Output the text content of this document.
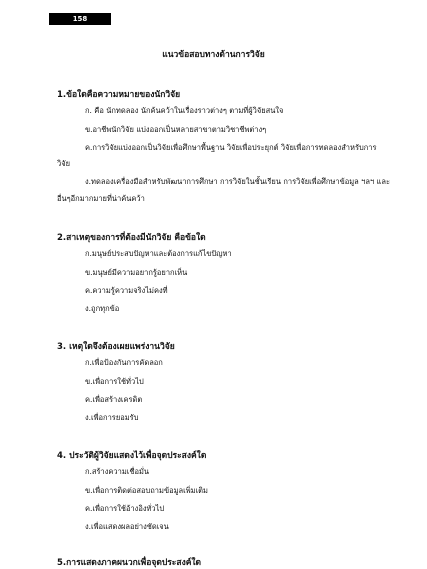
158
แนวข้อสอบทางด้านการวิจัย
1.ข้อใดคือความหมายของนักวิจัย
ก. คือ นักทดลอง นักค้นคว้าในเรื่องราวต่างๆ ตามที่ผู้วิจัยสนใจ
ข.อาชีพนักวิจัย แบ่งออกเป็นหลายสาขาตามวิชาชีพต่างๆ
ค.การวิจัยแบ่งออกเป็นวิจัยเพื่อศึกษาพื้นฐาน วิจัยเพื่อประยุกต์ วิจัยเพื่อการทดลองสำหรับการ
วิจัย
ง.ทดลองเครื่องมือสำหรับพัฒนาการศึกษา การวิจัยในชั้นเรียน การวิจัยเพื่อศึกษาข้อมูล ฯลฯ และ
อื่นๆอีกมากมายที่น่าค้นคว้า
2.สาเหตุของการที่ต้องมีนักวิจัย คือข้อใด
ก.มนุษย์ประสบปัญหาและต้องการแก้ไขปัญหา
ข.มนุษย์มีความอยากรู้อยากเห็น
ค.ความรู้ความจริงไม่คงที่
ง.ถูกทุกข้อ
3. เหตุใดจึงต้องเผยแพร่งานวิจัย
ก.เพื่อป้องกันการคัดลอก
ข.เพื่อการใช้ทั่วไป
ค.เพื่อสร้างเครดิต
ง.เพื่อการยอมรับ
4. ประวัติผู้วิจัยแสดงไว้เพื่อจุดประสงค์ใด
ก.สร้างความเชื่อมั่น
ข.เพื่อการติดต่อสอบถามข้อมูลเพิ่มเติม
ค.เพื่อการใช้อ้างอิงทั่วไป
ง.เพื่อแสดงผลอย่างชัดเจน
5.การแสดงภาคผนวกเพื่อจุดประสงค์ใด
